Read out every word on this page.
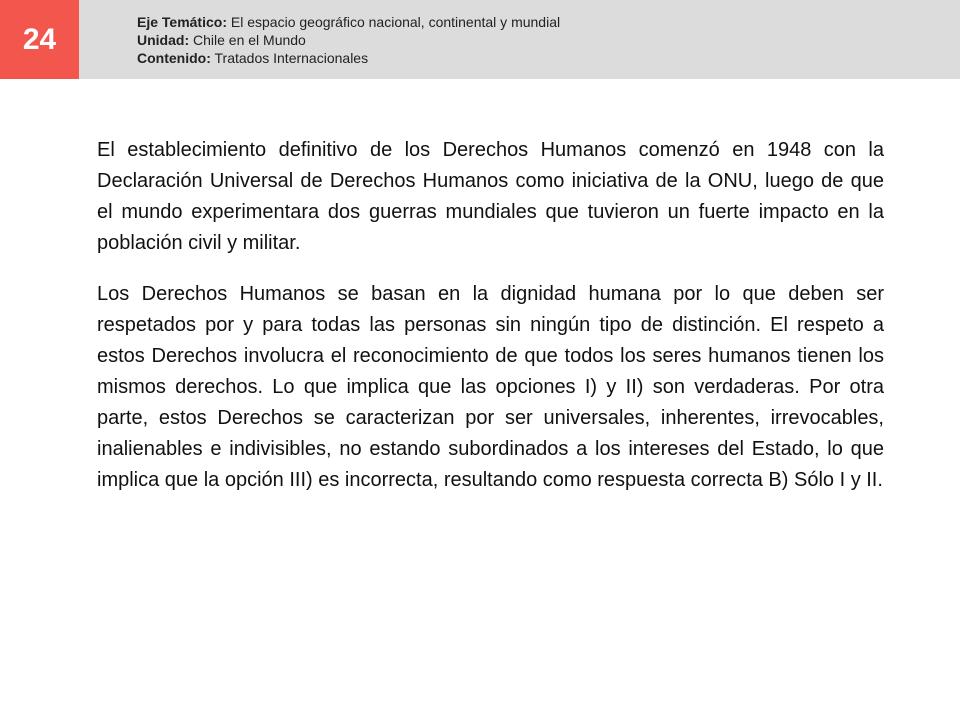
24
Eje Temático: El espacio geográfico nacional, continental y mundial
Unidad: Chile en el Mundo
Contenido: Tratados Internacionales

El establecimiento definitivo de los Derechos Humanos comenzó en 1948 con la Declaración Universal de Derechos Humanos como iniciativa de la ONU, luego de que el mundo experimentara dos guerras mundiales que tuvieron un fuerte impacto en la población civil y militar.

Los Derechos Humanos se basan en la dignidad humana por lo que deben ser respetados por y para todas las personas sin ningún tipo de distinción. El respeto a estos Derechos involucra el reconocimiento de que todos los seres humanos tienen los mismos derechos. Lo que implica que las opciones I) y II) son verdaderas. Por otra parte, estos Derechos se caracterizan por ser universales, inherentes, irrevocables, inalienables e indivisibles, no estando subordinados a los intereses del Estado, lo que implica que la opción III) es incorrecta, resultando como respuesta correcta B) Sólo I y II.
